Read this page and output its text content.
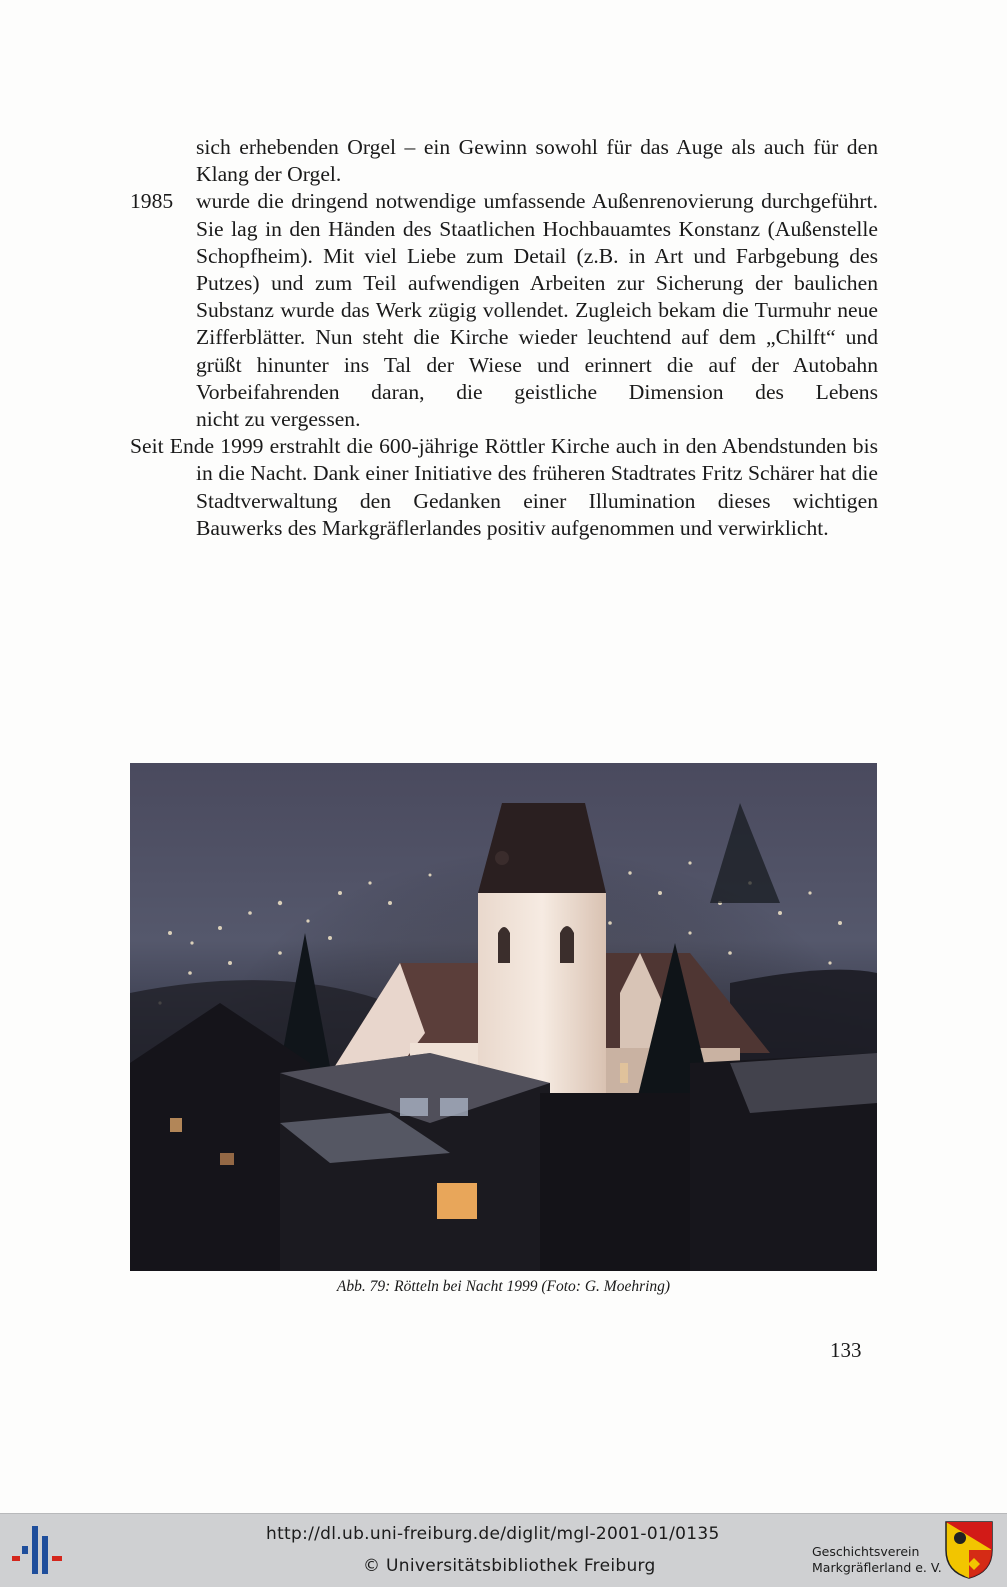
sich erhebenden Orgel – ein Gewinn sowohl für das Auge als auch für den
Klang der Orgel.
1985 wurde die dringend notwendige umfassende Außenrenovierung durchgeführt. Sie lag in den Händen des Staatlichen Hochbauamtes Konstanz (Außenstelle Schopfheim). Mit viel Liebe zum Detail (z.B. in Art und Farbgebung des Putzes) und zum Teil aufwendigen Arbeiten zur Sicherung der baulichen Substanz wurde das Werk zügig vollendet. Zugleich bekam die Turmuhr neue Zifferblätter. Nun steht die Kirche wieder leuchtend auf dem „Chilft“ und grüßt hinunter ins Tal der Wiese und erinnert die auf der Autobahn Vorbeifahrenden daran, die geistliche Dimension des Lebens
nicht zu vergessen.
Seit Ende 1999 erstrahlt die 600-jährige Röttler Kirche auch in den Abendstunden bis in die Nacht. Dank einer Initiative des früheren Stadtrates Fritz Schärer hat die Stadtverwaltung den Gedanken einer Illumination dieses wichtigen
Bauwerks des Markgräflerlandes positiv aufgenommen und verwirklicht.
Abb. 79: Rötteln bei Nacht 1999 (Foto: G. Moehring)
133
http://dl.ub.uni-freiburg.de/diglit/mgl-2001-01/0135
© Universitätsbibliothek Freiburg
Geschichtsverein
Markgräflerland e. V.
